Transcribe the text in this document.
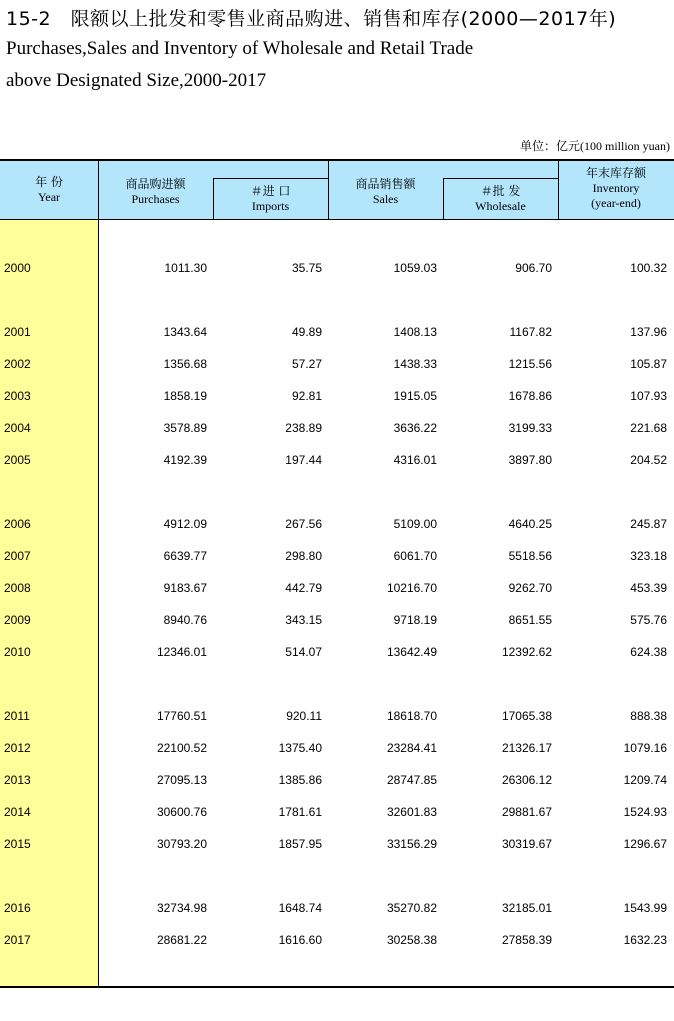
15-2　限额以上批发和零售业商品购进、销售和库存(2000—2017年)
Purchases,Sales and Inventory of Wholesale and Retail Trade
above Designated Size,2000-2017
单位：亿元(100 million yuan)
年 份
Year
商品购进额
Purchases
＃进 口
Imports
商品销售额
Sales
＃批 发
Wholesale
年末库存额
Inventory
(year-end)
2000	1011.30	35.75	1059.03	906.70	100.32
2001	1343.64	49.89	1408.13	1167.82	137.96
2002	1356.68	57.27	1438.33	1215.56	105.87
2003	1858.19	92.81	1915.05	1678.86	107.93
2004	3578.89	238.89	3636.22	3199.33	221.68
2005	4192.39	197.44	4316.01	3897.80	204.52
2006	4912.09	267.56	5109.00	4640.25	245.87
2007	6639.77	298.80	6061.70	5518.56	323.18
2008	9183.67	442.79	10216.70	9262.70	453.39
2009	8940.76	343.15	9718.19	8651.55	575.76
2010	12346.01	514.07	13642.49	12392.62	624.38
2011	17760.51	920.11	18618.70	17065.38	888.38
2012	22100.52	1375.40	23284.41	21326.17	1079.16
2013	27095.13	1385.86	28747.85	26306.12	1209.74
2014	30600.76	1781.61	32601.83	29881.67	1524.93
2015	30793.20	1857.95	33156.29	30319.67	1296.67
2016	32734.98	1648.74	35270.82	32185.01	1543.99
2017	28681.22	1616.60	30258.38	27858.39	1632.23
